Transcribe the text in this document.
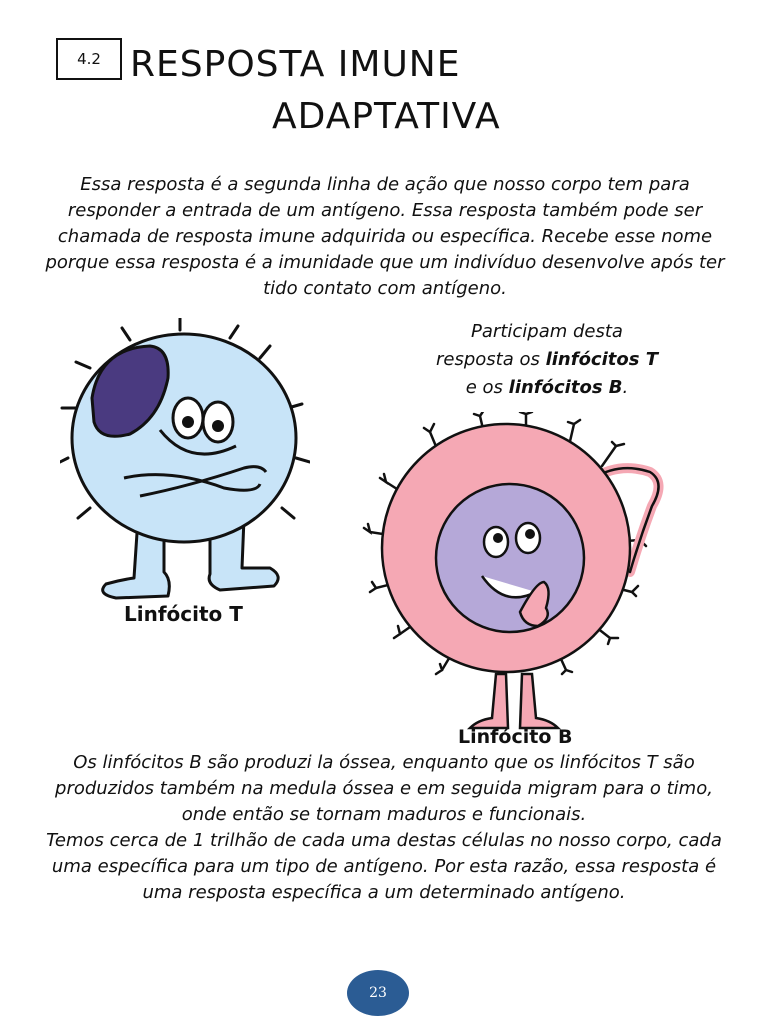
4.2 RESPOSTA IMUNE
ADAPTATIVA
Essa resposta é a segunda linha de ação que nosso corpo tem para responder a entrada de um antígeno. Essa resposta também pode ser chamada de resposta imune adquirida ou específica. Recebe esse nome porque essa resposta é a imunidade que um indivíduo desenvolve após ter tido contato com antígeno.
Participam desta
resposta os linfócitos T
e os linfócitos B.
Linfócito T
Linfócito B

Os linfócitos B são produzi la óssea, enquanto que os linfócitos T são produzidos também na medula óssea e em seguida migram para o timo, onde então se tornam maduros e funcionais.

Temos cerca de 1 trilhão de cada uma destas células no nosso corpo, cada uma específica para um tipo de antígeno. Por esta razão, essa resposta é uma resposta específica a um determinado antígeno.

23
